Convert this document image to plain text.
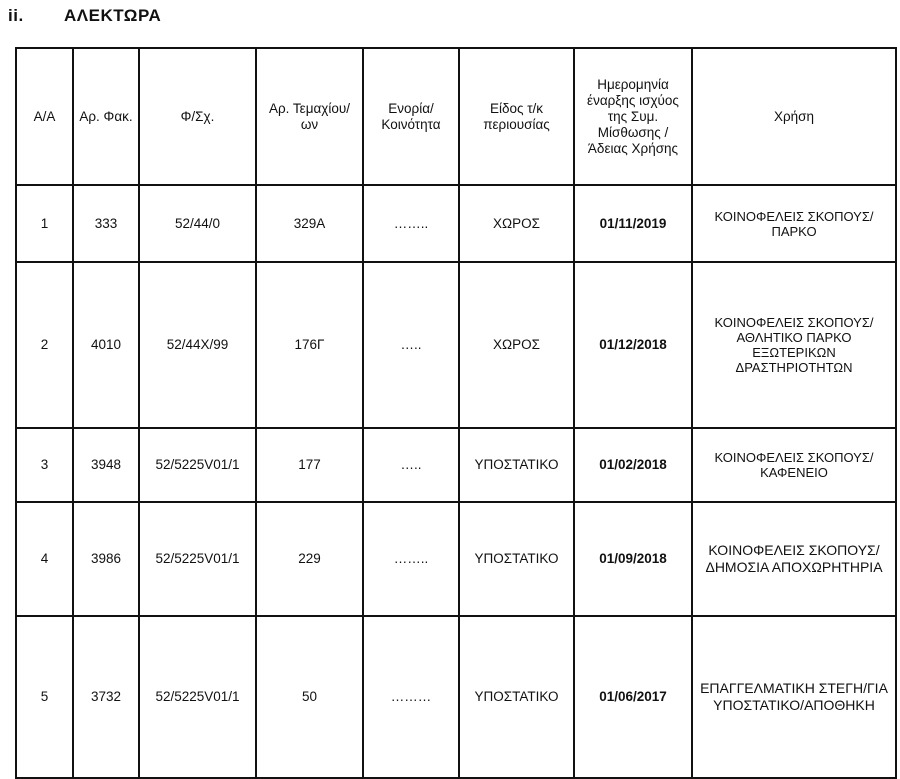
ii. ΑΛΕΚΤΩΡΑ
Α/Α	Αρ. Φακ.	Φ/Σχ.	Αρ. Τεμαχίου/ων	Ενορία/ Κοινότητα	Είδος τ/κ περιουσίας	Ημερομηνία έναρξης ισχύος της Συμ. Μίσθωσης / Άδειας Χρήσης	Χρήση
1	333	52/44/0	329Α	……..	ΧΩΡΟΣ	01/11/2019	ΚΟΙΝΟΦΕΛΕΙΣ ΣΚΟΠΟΥΣ/ΠΑΡΚΟ
2	4010	52/44Χ/99	176Γ	…..	ΧΩΡΟΣ	01/12/2018	ΚΟΙΝΟΦΕΛΕΙΣ ΣΚΟΠΟΥΣ/ΑΘΛΗΤΙΚΟ ΠΑΡΚΟ ΕΞΩΤΕΡΙΚΩΝ ΔΡΑΣΤΗΡΙΟΤΗΤΩΝ
3	3948	52/5225V01/1	177	…..	ΥΠΟΣΤΑΤΙΚΟ	01/02/2018	ΚΟΙΝΟΦΕΛΕΙΣ ΣΚΟΠΟΥΣ/ΚΑΦΕΝΕΙΟ
4	3986	52/5225V01/1	229	……..	ΥΠΟΣΤΑΤΙΚΟ	01/09/2018	ΚΟΙΝΟΦΕΛΕΙΣ ΣΚΟΠΟΥΣ/ΔΗΜΟΣΙΑ ΑΠΟΧΩΡΗΤΗΡΙΑ
5	3732	52/5225V01/1	50	………	ΥΠΟΣΤΑΤΙΚΟ	01/06/2017	ΕΠΑΓΓΕΛΜΑΤΙΚΗ ΣΤΕΓΗ/ΓΙΑ ΥΠΟΣΤΑΤΙΚΟ/ΑΠΟΘΗΚΗ
